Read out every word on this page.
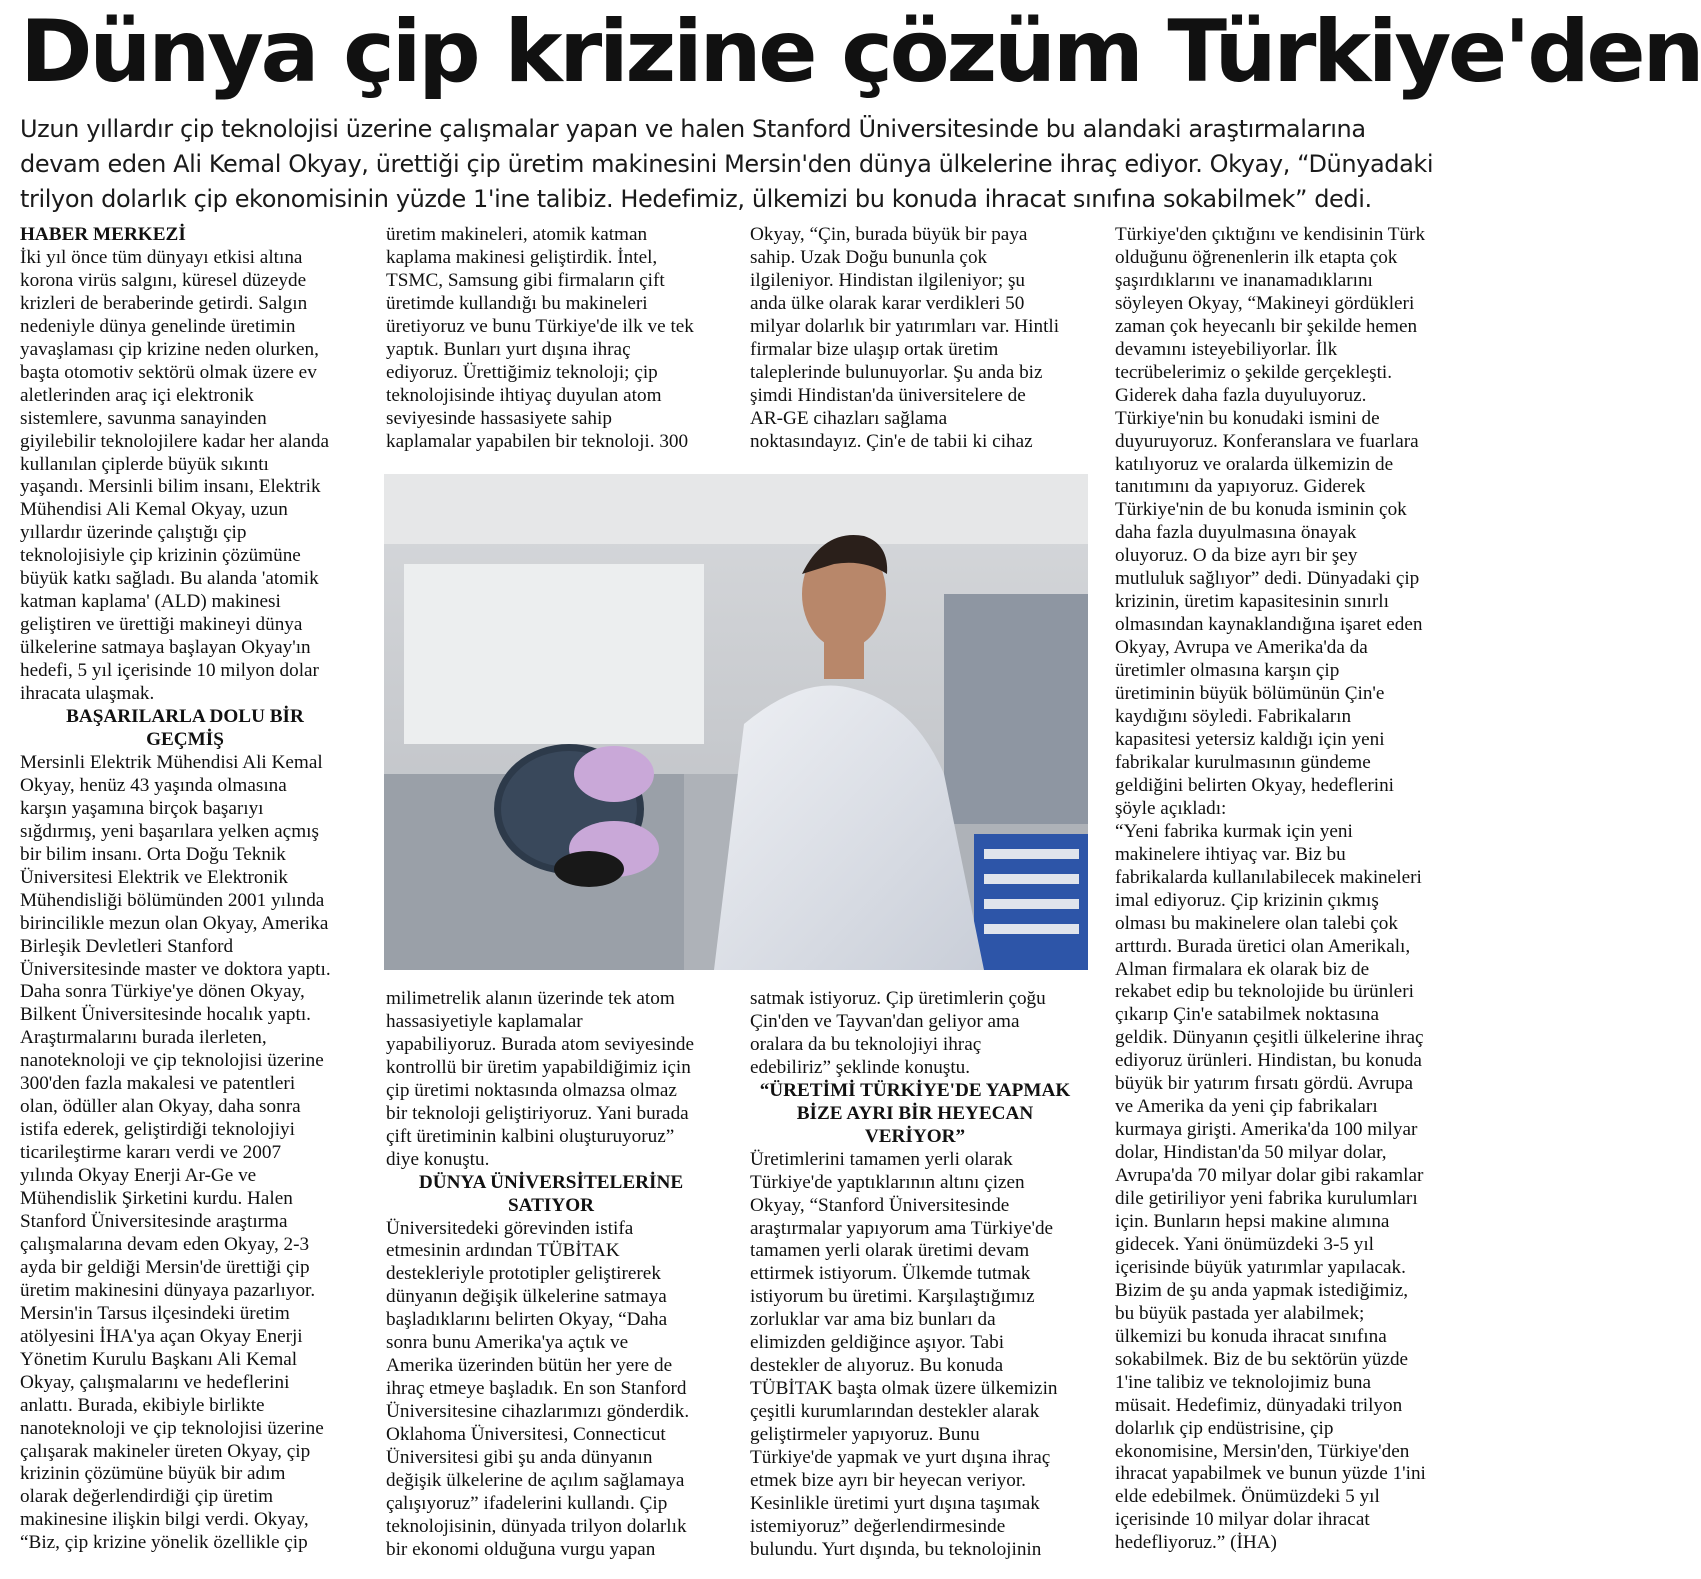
Dünya çip krizine çözüm Türkiye'den
Uzun yıllardır çip teknolojisi üzerine çalışmalar yapan ve halen Stanford Üniversitesinde bu alandaki araştırmalarına
devam eden Ali Kemal Okyay, ürettiği çip üretim makinesini Mersin'den dünya ülkelerine ihraç ediyor. Okyay, “Dünyadaki
trilyon dolarlık çip ekonomisinin yüzde 1'ine talibiz. Hedefimiz, ülkemizi bu konuda ihracat sınıfına sokabilmek” dedi.

HABER MERKEZİ

İki yıl önce tüm dünyayı etkisi altına

korona virüs salgını, küresel düzeyde

krizleri de beraberinde getirdi. Salgın

nedeniyle dünya genelinde üretimin

yavaşlaması çip krizine neden olurken,

başta otomotiv sektörü olmak üzere ev

aletlerinden araç içi elektronik

sistemlere, savunma sanayinden

giyilebilir teknolojilere kadar her alanda

kullanılan çiplerde büyük sıkıntı

yaşandı. Mersinli bilim insanı, Elektrik

Mühendisi Ali Kemal Okyay, uzun

yıllardır üzerinde çalıştığı çip

teknolojisiyle çip krizinin çözümüne

büyük katkı sağladı. Bu alanda 'atomik

katman kaplama' (ALD) makinesi

geliştiren ve ürettiği makineyi dünya

ülkelerine satmaya başlayan Okyay'ın

hedefi, 5 yıl içerisinde 10 milyon dolar

ihracata ulaşmak.

BAŞARILARLA DOLU BİR

GEÇMİŞ

Mersinli Elektrik Mühendisi Ali Kemal

Okyay, henüz 43 yaşında olmasına

karşın yaşamına birçok başarıyı

sığdırmış, yeni başarılara yelken açmış

bir bilim insanı. Orta Doğu Teknik

Üniversitesi Elektrik ve Elektronik

Mühendisliği bölümünden 2001 yılında

birincilikle mezun olan Okyay, Amerika

Birleşik Devletleri Stanford

Üniversitesinde master ve doktora yaptı.

Daha sonra Türkiye'ye dönen Okyay,

Bilkent Üniversitesinde hocalık yaptı.

Araştırmalarını burada ilerleten,

nanoteknoloji ve çip teknolojisi üzerine

300'den fazla makalesi ve patentleri

olan, ödüller alan Okyay, daha sonra

istifa ederek, geliştirdiği teknolojiyi

ticarileştirme kararı verdi ve 2007

yılında Okyay Enerji Ar-Ge ve

Mühendislik Şirketini kurdu. Halen

Stanford Üniversitesinde araştırma

çalışmalarına devam eden Okyay, 2-3

ayda bir geldiği Mersin'de ürettiği çip

üretim makinesini dünyaya pazarlıyor.

Mersin'in Tarsus ilçesindeki üretim

atölyesini İHA'ya açan Okyay Enerji

Yönetim Kurulu Başkanı Ali Kemal

Okyay, çalışmalarını ve hedeflerini

anlattı. Burada, ekibiyle birlikte

nanoteknoloji ve çip teknolojisi üzerine

çalışarak makineler üreten Okyay, çip

krizinin çözümüne büyük bir adım

olarak değerlendirdiği çip üretim

makinesine ilişkin bilgi verdi. Okyay,

“Biz, çip krizine yönelik özellikle çip

üretim makineleri, atomik katman

kaplama makinesi geliştirdik. İntel,

TSMC, Samsung gibi firmaların çift

üretimde kullandığı bu makineleri

üretiyoruz ve bunu Türkiye'de ilk ve tek

yaptık. Bunları yurt dışına ihraç

ediyoruz. Ürettiğimiz teknoloji; çip

teknolojisinde ihtiyaç duyulan atom

seviyesinde hassasiyete sahip

kaplamalar yapabilen bir teknoloji. 300

Okyay, “Çin, burada büyük bir paya

sahip. Uzak Doğu bununla çok

ilgileniyor. Hindistan ilgileniyor; şu

anda ülke olarak karar verdikleri 50

milyar dolarlık bir yatırımları var. Hintli

firmalar bize ulaşıp ortak üretim

taleplerinde bulunuyorlar. Şu anda biz

şimdi Hindistan'da üniversitelere de

AR-GE cihazları sağlama

noktasındayız. Çin'e de tabii ki cihaz

milimetrelik alanın üzerinde tek atom

hassasiyetiyle kaplamalar

yapabiliyoruz. Burada atom seviyesinde

kontrollü bir üretim yapabildiğimiz için

çip üretimi noktasında olmazsa olmaz

bir teknoloji geliştiriyoruz. Yani burada

çift üretiminin kalbini oluşturuyoruz”

diye konuştu.

DÜNYA ÜNİVERSİTELERİNE

SATIYOR

Üniversitedeki görevinden istifa

etmesinin ardından TÜBİTAK

destekleriyle prototipler geliştirerek

dünyanın değişik ülkelerine satmaya

başladıklarını belirten Okyay, “Daha

sonra bunu Amerika'ya açtık ve

Amerika üzerinden bütün her yere de

ihraç etmeye başladık. En son Stanford

Üniversitesine cihazlarımızı gönderdik.

Oklahoma Üniversitesi, Connecticut

Üniversitesi gibi şu anda dünyanın

değişik ülkelerine de açılım sağlamaya

çalışıyoruz” ifadelerini kullandı. Çip

teknolojisinin, dünyada trilyon dolarlık

bir ekonomi olduğuna vurgu yapan

satmak istiyoruz. Çip üretimlerin çoğu

Çin'den ve Tayvan'dan geliyor ama

oralara da bu teknolojiyi ihraç

edebiliriz” şeklinde konuştu.

“ÜRETİMİ TÜRKİYE'DE YAPMAK

BİZE AYRI BİR HEYECAN

VERİYOR”

Üretimlerini tamamen yerli olarak

Türkiye'de yaptıklarının altını çizen

Okyay, “Stanford Üniversitesinde

araştırmalar yapıyorum ama Türkiye'de

tamamen yerli olarak üretimi devam

ettirmek istiyorum. Ülkemde tutmak

istiyorum bu üretimi. Karşılaştığımız

zorluklar var ama biz bunları da

elimizden geldiğince aşıyor. Tabi

destekler de alıyoruz. Bu konuda

TÜBİTAK başta olmak üzere ülkemizin

çeşitli kurumlarından destekler alarak

geliştirmeler yapıyoruz. Bunu

Türkiye'de yapmak ve yurt dışına ihraç

etmek bize ayrı bir heyecan veriyor.

Kesinlikle üretimi yurt dışına taşımak

istemiyoruz” değerlendirmesinde

bulundu. Yurt dışında, bu teknolojinin

Türkiye'den çıktığını ve kendisinin Türk

olduğunu öğrenenlerin ilk etapta çok

şaşırdıklarını ve inanamadıklarını

söyleyen Okyay, “Makineyi gördükleri

zaman çok heyecanlı bir şekilde hemen

devamını isteyebiliyorlar. İlk

tecrübelerimiz o şekilde gerçekleşti.

Giderek daha fazla duyuluyoruz.

Türkiye'nin bu konudaki ismini de

duyuruyoruz. Konferanslara ve fuarlara

katılıyoruz ve oralarda ülkemizin de

tanıtımını da yapıyoruz. Giderek

Türkiye'nin de bu konuda isminin çok

daha fazla duyulmasına önayak

oluyoruz. O da bize ayrı bir şey

mutluluk sağlıyor” dedi. Dünyadaki çip

krizinin, üretim kapasitesinin sınırlı

olmasından kaynaklandığına işaret eden

Okyay, Avrupa ve Amerika'da da

üretimler olmasına karşın çip

üretiminin büyük bölümünün Çin'e

kaydığını söyledi. Fabrikaların

kapasitesi yetersiz kaldığı için yeni

fabrikalar kurulmasının gündeme

geldiğini belirten Okyay, hedeflerini

şöyle açıkladı:

“Yeni fabrika kurmak için yeni

makinelere ihtiyaç var. Biz bu

fabrikalarda kullanılabilecek makineleri

imal ediyoruz. Çip krizinin çıkmış

olması bu makinelere olan talebi çok

arttırdı. Burada üretici olan Amerikalı,

Alman firmalara ek olarak biz de

rekabet edip bu teknolojide bu ürünleri

çıkarıp Çin'e satabilmek noktasına

geldik. Dünyanın çeşitli ülkelerine ihraç

ediyoruz ürünleri. Hindistan, bu konuda

büyük bir yatırım fırsatı gördü. Avrupa

ve Amerika da yeni çip fabrikaları

kurmaya girişti. Amerika'da 100 milyar

dolar, Hindistan'da 50 milyar dolar,

Avrupa'da 70 milyar dolar gibi rakamlar

dile getiriliyor yeni fabrika kurulumları

için. Bunların hepsi makine alımına

gidecek. Yani önümüzdeki 3-5 yıl

içerisinde büyük yatırımlar yapılacak.

Bizim de şu anda yapmak istediğimiz,

bu büyük pastada yer alabilmek;

ülkemizi bu konuda ihracat sınıfına

sokabilmek. Biz de bu sektörün yüzde

1'ine talibiz ve teknolojimiz buna

müsait. Hedefimiz, dünyadaki trilyon

dolarlık çip endüstrisine, çip

ekonomisine, Mersin'den, Türkiye'den

ihracat yapabilmek ve bunun yüzde 1'ini

elde edebilmek. Önümüzdeki 5 yıl

içerisinde 10 milyar dolar ihracat

hedefliyoruz.” (İHA)
